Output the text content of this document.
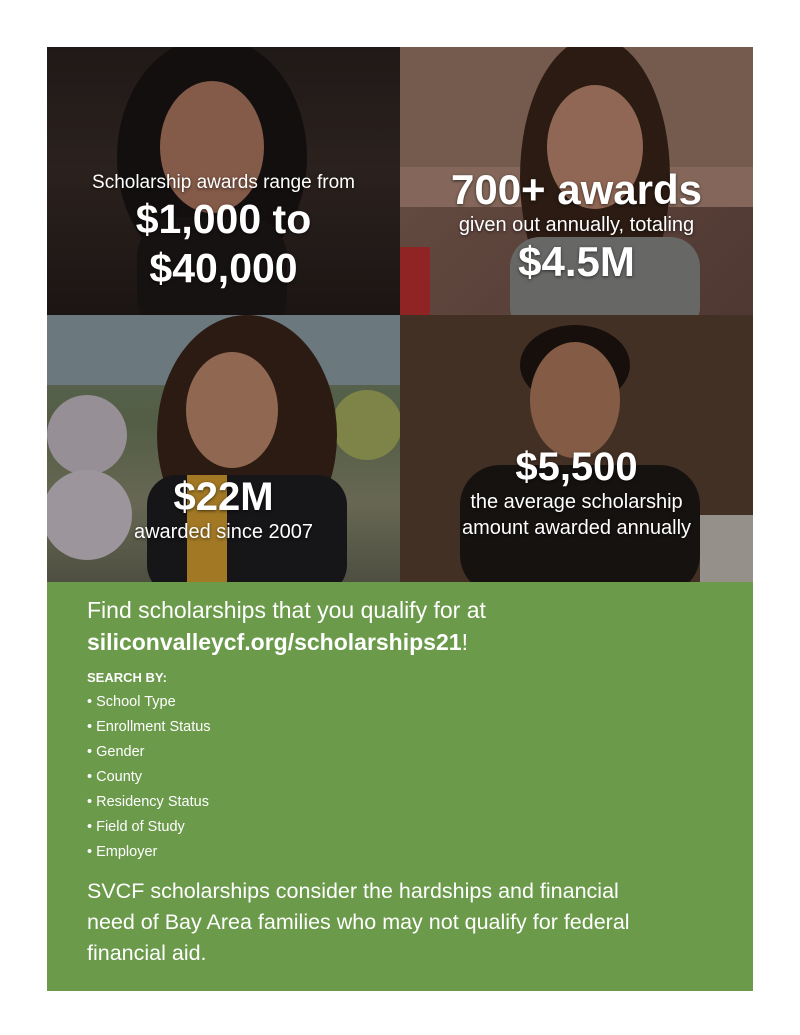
Scholarship awards range from
$1,000 to
$40,000
700+ awards
given out annually, totaling
$4.5M
$22M
awarded since 2007
$5,500
the average scholarship
amount awarded annually
Find scholarships that you qualify for at
siliconvalleycf.org/scholarships21!
SEARCH BY:
• School Type
• Enrollment Status
• Gender
• County
• Residency Status
• Field of Study
• Employer
SVCF scholarships consider the hardships and financial need of Bay Area families who may not qualify for federal financial aid.
